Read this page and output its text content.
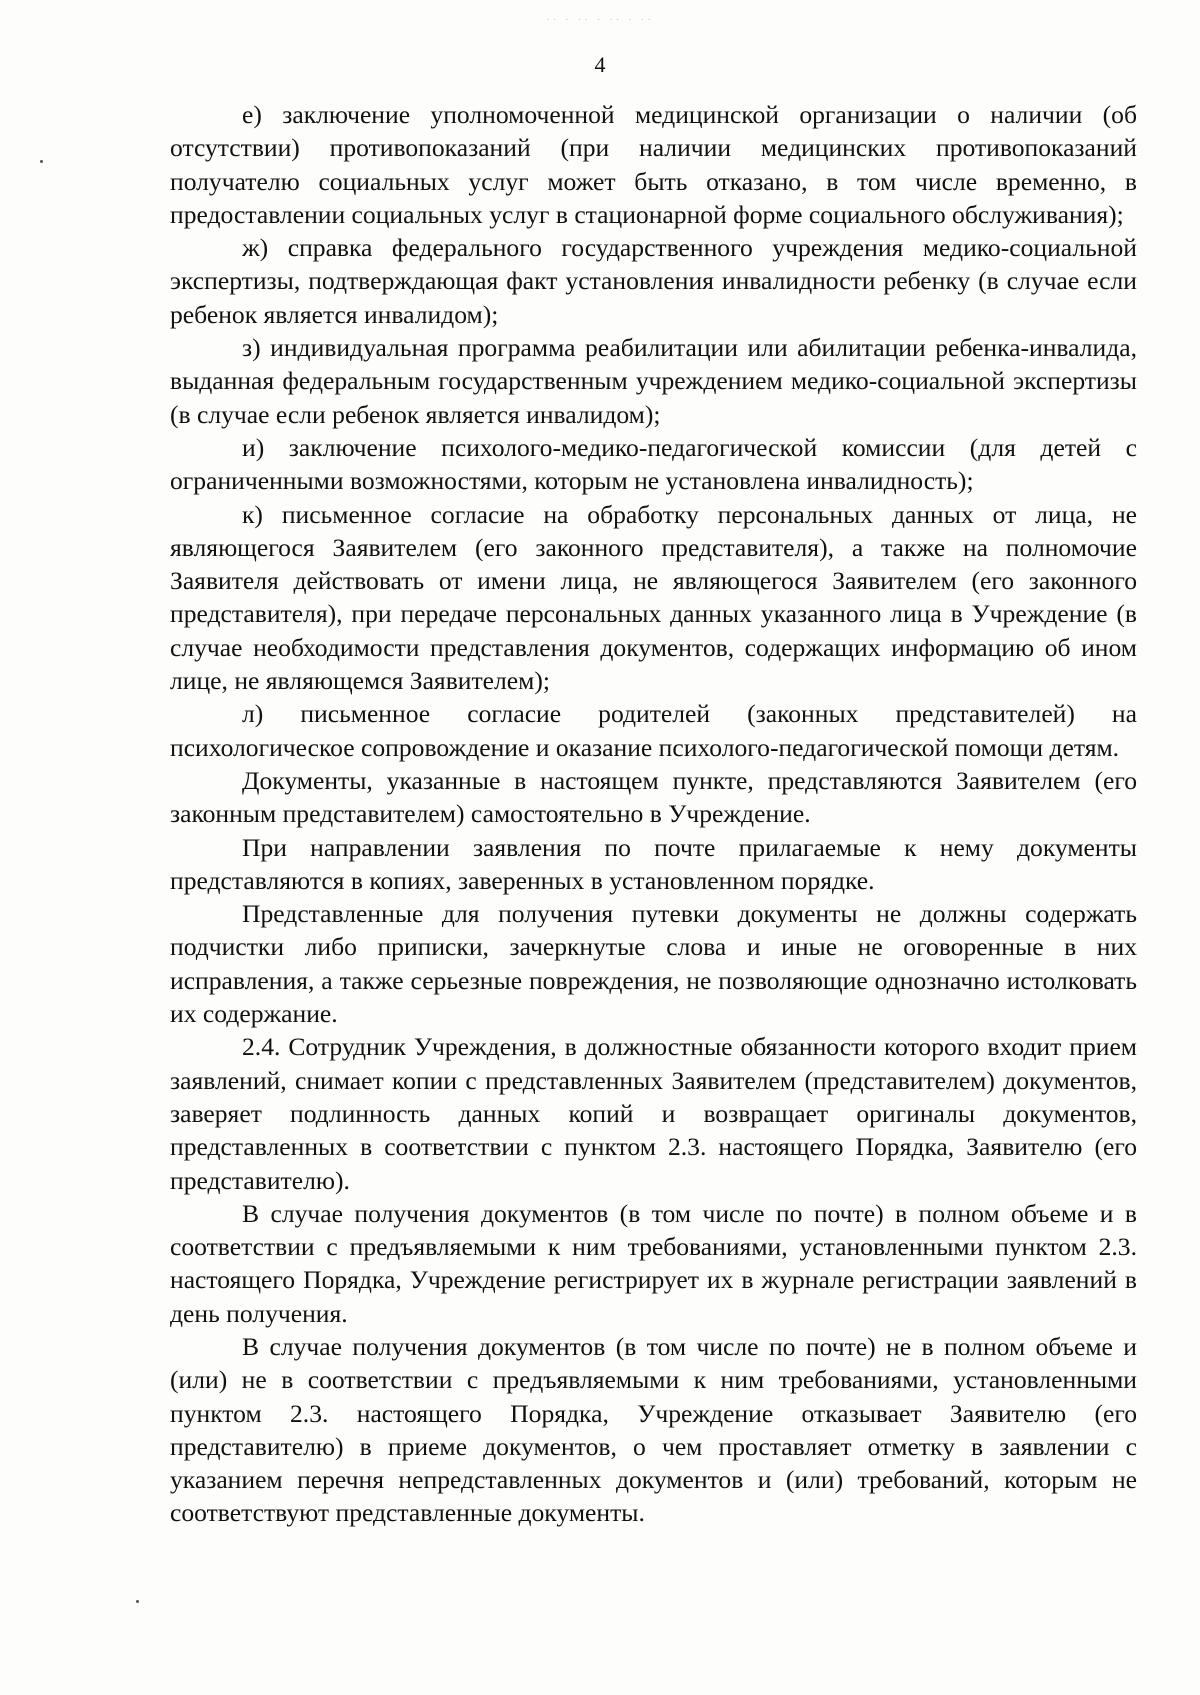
·· · ·· · ·· · ··
4

е) заключение уполномоченной медицинской организации о наличии (об отсутствии) противопоказаний (при наличии медицинских противопоказаний получателю социальных услуг может быть отказано, в том числе временно, в предоставлении социальных услуг в стационарной форме социального обслуживания);

ж) справка федерального государственного учреждения медико-социальной экспертизы, подтверждающая факт установления инвалидности ребенку (в случае если ребенок является инвалидом);

з) индивидуальная программа реабилитации или абилитации ребенка-инвалида, выданная федеральным государственным учреждением медико-социальной экспертизы (в случае если ребенок является инвалидом);

и) заключение психолого-медико-педагогической комиссии (для детей с ограниченными возможностями, которым не установлена инвалидность);

к) письменное согласие на обработку персональных данных от лица, не являющегося Заявителем (его законного представителя), а также на полномочие Заявителя действовать от имени лица, не являющегося Заявителем (его законного представителя), при передаче персональных данных указанного лица в Учреждение (в случае необходимости представления документов, содержащих информацию об ином лице, не являющемся Заявителем);

л) письменное согласие родителей (законных представителей) на психологическое сопровождение и оказание психолого-педагогической помощи детям.

Документы, указанные в настоящем пункте, представляются Заявителем (его законным представителем) самостоятельно в Учреждение.

При направлении заявления по почте прилагаемые к нему документы представляются в копиях, заверенных в установленном порядке.

Представленные для получения путевки документы не должны содержать подчистки либо приписки, зачеркнутые слова и иные не оговоренные в них исправления, а также серьезные повреждения, не позволяющие однозначно истолковать их содержание.

2.4. Сотрудник Учреждения, в должностные обязанности которого входит прием заявлений, снимает копии с представленных Заявителем (представителем) документов, заверяет подлинность данных копий и возвращает оригиналы документов, представленных в соответствии с пунктом 2.3. настоящего Порядка, Заявителю (его представителю).

В случае получения документов (в том числе по почте) в полном объеме и в соответствии с предъявляемыми к ним требованиями, установленными пунктом 2.3. настоящего Порядка, Учреждение регистрирует их в журнале регистрации заявлений в день получения.

В случае получения документов (в том числе по почте) не в полном объеме и (или) не в соответствии с предъявляемыми к ним требованиями, установленными пунктом 2.3. настоящего Порядка, Учреждение отказывает Заявителю (его представителю) в приеме документов, о чем проставляет отметку в заявлении с указанием перечня непредставленных документов и (или) требований, которым не соответствуют представленные документы.
